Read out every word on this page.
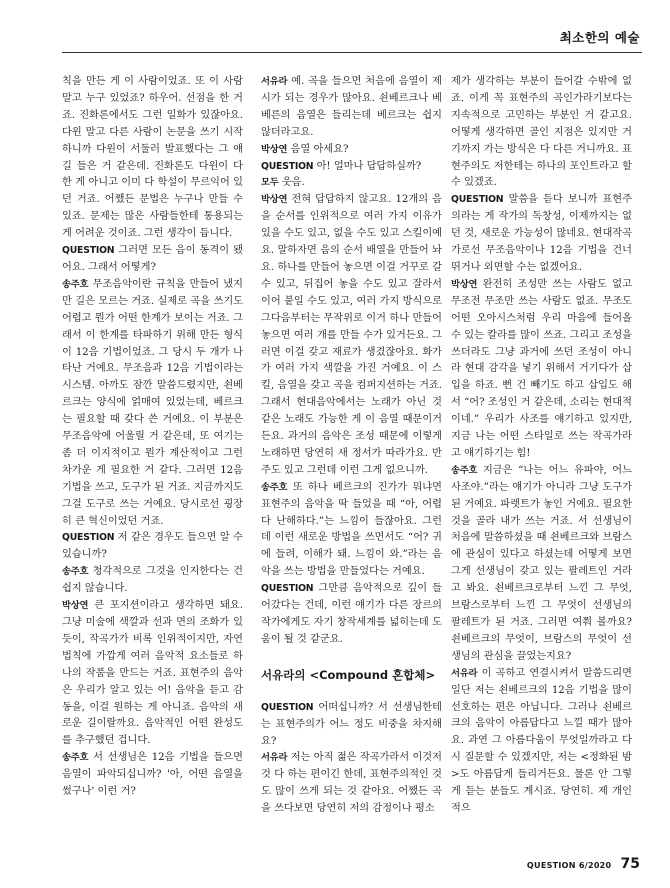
최소한의 예술

칙을 만든 게 이 사람이었죠. 또 이 사람 말고 누구 있었죠? 하우어. 선점을 한 거죠. 진화론에서도 그런 일화가 있잖아요. 다윈 말고 다른 사람이 논문을 쓰기 시작하니까 다윈이 서둘러 발표했다는 그 얘길 들은 거 같은데. 진화론도 다윈이 다 한 게 아니고 이미 다 학설이 무르익어 있던 거죠. 어쨌든 문법은 누구나 만들 수 있죠. 문제는 많은 사람들한테 통용되는 게 어려운 것이죠. 그런 생각이 듭니다.

QUESTION 그러면 모든 음이 동격이 됐어요. 그래서 어떻게?

송주호 무조음악이란 규칙을 만들어 냈지만 길은 모르는 거죠. 실제로 곡을 쓰기도 어렵고 뭔가 어떤 한계가 보이는 거죠. 그래서 이 한계를 타파하기 위해 만든 형식이 12음 기법이었죠. 그 당시 두 개가 나타난 거예요. 무조음과 12음 기법이라는 시스템. 아까도 잠깐 말씀드렸지만, 쇤베르크는 양식에 얽매여 있었는데, 베르크는 필요할 때 갖다 쓴 거예요. 이 부분은 무조음악에 어울릴 거 같은데, 또 여기는 좀 더 이지적이고 뭔가 계산적이고 그런 차가운 게 필요한 거 같다. 그러면 12음 기법을 쓰고, 도구가 된 거죠. 지금까지도 그걸 도구로 쓰는 거예요. 당시로선 굉장히 큰 혁신이었던 거죠.

QUESTION 저 같은 경우도 들으면 알 수 있습니까?

송주호 청각적으로 그것을 인지한다는 건 쉽지 않습니다.

박상연 큰 포지션이라고 생각하면 돼요. 그냥 미술에 색깔과 선과 면의 조화가 있듯이, 작곡가가 비록 인위적이지만, 자연 법칙에 가깝게 여러 음악적 요소들로 하나의 작품을 만드는 거죠. 표현주의 음악은 우리가 알고 있는 어! 음악을 듣고 감동을, 이걸 원하는 게 아니죠. 음악의 새로운 길이랄까요. 음악적인 어떤 완성도를 추구했던 겁니다.

송주호 서 선생님은 12음 기법을 들으면 음열이 파악되십니까? '아, 어떤 음열을 썼구나' 이런 거?

서유라 예. 곡을 들으면 처음에 음열이 제시가 되는 경우가 많아요. 쇤베르크나 베베른의 음열은 들리는데 베르크는 쉽지 않더라고요.

박상연 음열 아세요?

QUESTION 아! 얼마나 답답하실까?

모두 웃음.

박상연 전혀 답답하지 않고요. 12개의 음을 순서를 인위적으로 여러 가지 이유가 있을 수도 있고, 없을 수도 있고 스킬이예요. 말하자면 음의 순서 배열을 만들어 놔요. 하나를 만들어 놓으면 이걸 거꾸로 갈 수 있고, 뒤집어 놓을 수도 있고 잘라서 이어 붙일 수도 있고, 여러 가지 방식으로 그다음부터는 무작위로 이거 하나 만들어 놓으면 여러 개를 만들 수가 있거든요. 그러면 이걸 갖고 재료가 생겼잖아요. 화가가 여러 가지 색깔을 가진 거예요. 이 스킬, 음열을 갖고 곡을 컴퍼지션하는 거죠. 그래서 현대음악에서는 노래가 아닌 것 같은 노래도 가능한 게 이 음열 때문이거든요. 과거의 음악은 조성 때문에 이렇게 노래하면 당연히 새 정서가 따라가요. 반주도 있고 그런데 이런 그게 없으니까.

송주호 또 하나 베르크의 진가가 뭐냐면 표현주의 음악을 딱 들었을 때 “아, 어렵다 난해하다.”는 느낌이 들잖아요. 그런데 이런 새로운 방법을 쓰면서도 “어? 귀에 들려, 이해가 돼. 느낌이 와.”라는 음악을 쓰는 방법을 만들었다는 거예요.

QUESTION 그만큼 음악적으로 깊이 들어갔다는 건데, 이런 얘기가 다른 장르의 작가에게도 자기 창작세계를 넓히는데 도움이 될 것 같군요.

서유라의 <Compound 혼합체>

QUESTION 어떠십니까? 서 선생님한테는 표현주의가 어느 정도 비중을 차지해요?

서유라 저는 아직 젊은 작곡가라서 이것저것 다 하는 편이긴 한데, 표현주의적인 것도 많이 쓰게 되는 것 같아요. 어쨌든 곡을 쓰다보면 당연히 저의 감정이나 평소

제가 생각하는 부분이 들어갈 수밖에 없죠. 이게 꼭 표현주의 곡인가라기보다는 지속적으로 고민하는 부분인 거 같고요. 어떻게 생각하면 골인 지점은 있지만 거기까지 가는 방식은 다 다른 거니까요. 표현주의도 저한테는 하나의 포인트라고 할 수 있겠죠.

QUESTION 말씀을 듣다 보니까 표현주의라는 게 작가의 독창성, 이제까지는 없던 것, 새로운 가능성이 많네요. 현대작곡가로선 무조음악이나 12음 기법을 건너뛰거나 외면할 수는 없겠어요.

박상연 완전히 조성만 쓰는 사람도 없고 무조전 무조만 쓰는 사람도 없죠. 무조도 어떤 오아시스처럼 우리 마음에 들어올 수 있는 칼라를 많이 쓰죠. 그리고 조성을 쓰더라도 그냥 과거에 쓰던 조성이 아니라 현대 감각을 넣기 위해서 거기다가 삽입을 하죠. 뻔 건 빼기도 하고 삽입도 해서 “어? 조성인 거 같은데, 소리는 현대적이네.” 우리가 사조를 얘기하고 있지만, 지금 나는 어떤 스타일로 쓰는 작곡가라고 얘기하기는 힘!

송주호 지금은 “나는 어느 유파야, 어느 사조야.”라는 얘기가 아니라 그냥 도구가 된 거예요. 파렛트가 놓인 거예요. 필요한 것을 골라 내가 쓰는 거죠. 서 선생님이 처음에 말씀하셨을 때 쇤베르크와 브람스에 관심이 있다고 하셨는데 어떻게 보면 그게 선생님이 갖고 있는 팔레트인 거라고 봐요. 쇤베르크로부터 느낀 그 무엇, 브람스로부터 느낀 그 무엇이 선생님의 팔레트가 된 거죠. 그러면 여쭤 볼까요? 쇤베르크의 무엇이, 브람스의 무엇이 선생님의 관심을 끌었는지요?

서유라 이 곡하고 연결시켜서 말씀드리면 일단 저는 쇤베르크의 12음 기법을 많이 선호하는 편은 아닙니다. 그러나 쇤베르크의 음악이 아름답다고 느낄 때가 많아요. 과연 그 아름다움이 무엇일까라고 다시 질문할 수 있겠지만, 저는 <정화된 밤>도 아름답게 들리거든요. 물론 안 그렇게 듣는 분들도 계시죠. 당연히. 제 개인적으

QUESTION 6/2020 75
